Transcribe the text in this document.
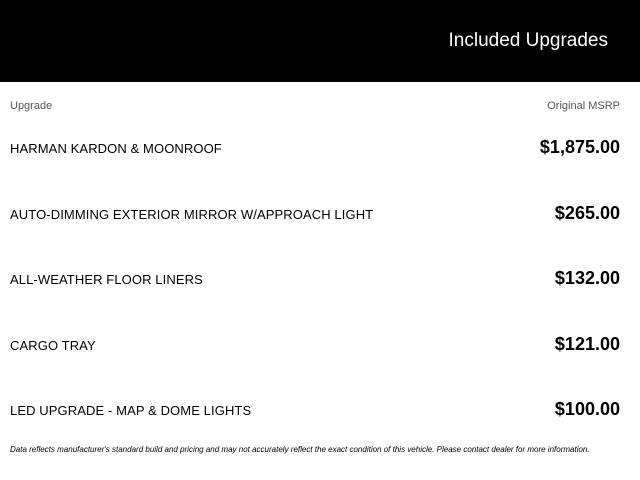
Included Upgrades
Upgrade	Original MSRP
HARMAN KARDON & MOONROOF	$1,875.00
AUTO-DIMMING EXTERIOR MIRROR W/APPROACH LIGHT	$265.00
ALL-WEATHER FLOOR LINERS	$132.00
CARGO TRAY	$121.00
LED UPGRADE - MAP & DOME LIGHTS	$100.00
Data reflects manufacturer's standard build and pricing and may not accurately reflect the exact condition of this vehicle. Please contact dealer for more information.
